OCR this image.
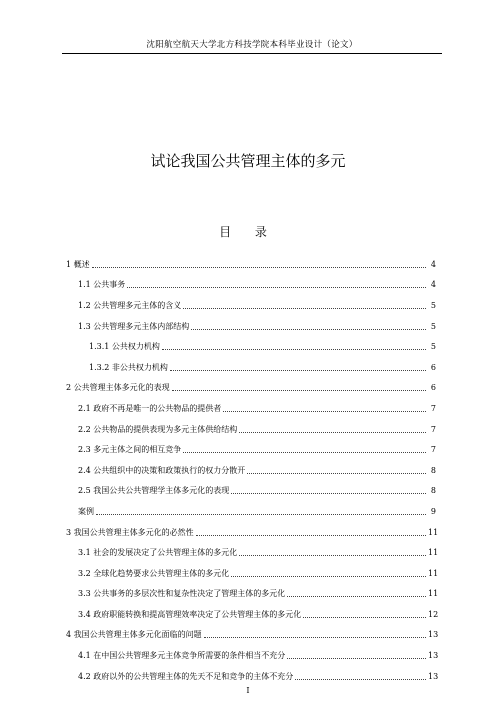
沈阳航空航天大学北方科技学院本科毕业设计（论文）
试论我国公共管理主体的多元
目 录
1 概述	4
1.1 公共事务	4
1.2 公共管理多元主体的含义	5
1.3 公共管理多元主体内部结构	5
1.3.1 公共权力机构	5
1.3.2 非公共权力机构	6
2 公共管理主体多元化的表现	6
2.1 政府不再是唯一的公共物品的提供者	7
2.2 公共物品的提供表现为多元主体供给结构	7
2.3 多元主体之间的相互竞争	7
2.4 公共组织中的决策和政策执行的权力分散开	8
2.5 我国公共公共管理学主体多元化的表现	8
案例	9
3 我国公共管理主体多元化的必然性	11
3.1 社会的发展决定了公共管理主体的多元化	11
3.2 全球化趋势要求公共管理主体的多元化	11
3.3 公共事务的多层次性和复杂性决定了管理主体的多元化	11
3.4 政府职能转换和提高管理效率决定了公共管理主体的多元化	12
4 我国公共管理主体多元化面临的问题	13
4.1 在中国公共管理多元主体竞争所需要的条件相当不充分	13
4.2 政府以外的公共管理主体的先天不足和竞争的主体不充分	13
I
